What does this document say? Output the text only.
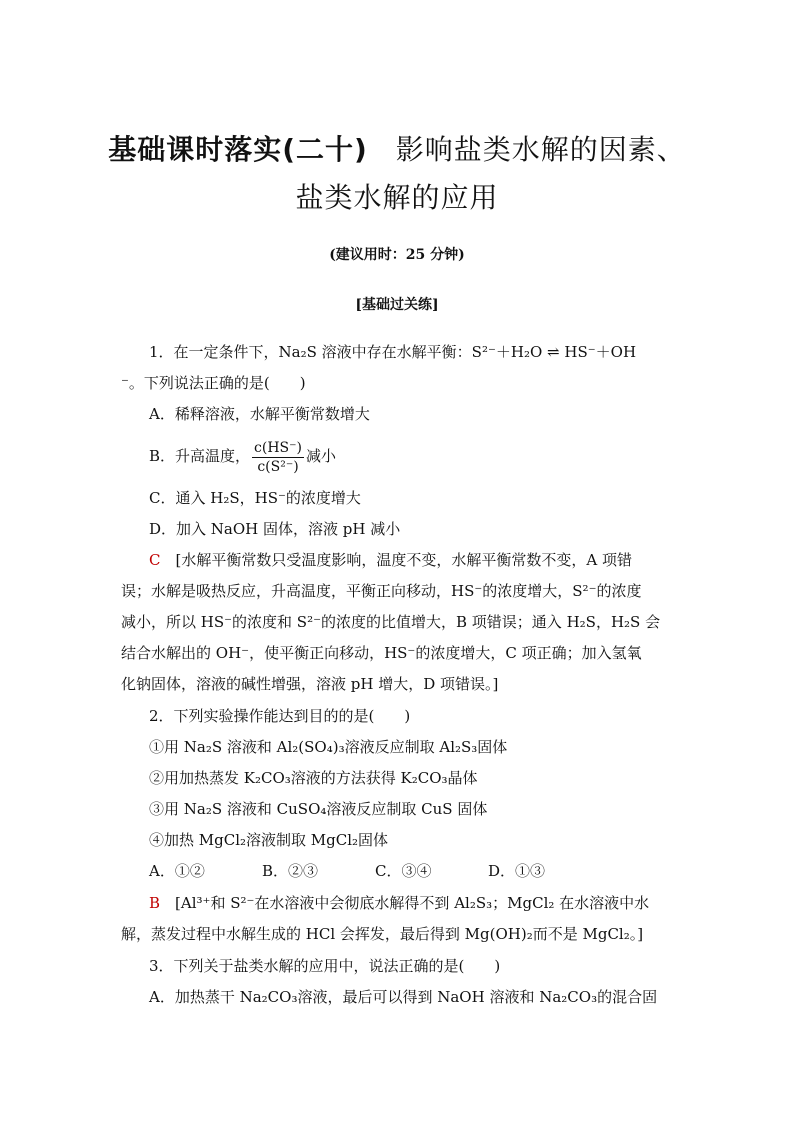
基础课时落实(二十) 影响盐类水解的因素、
盐类水解的应用
(建议用时：25 分钟)
[基础过关练]
1．在一定条件下，Na₂S 溶液中存在水解平衡：S²⁻＋H₂O ⇌ HS⁻＋OH
⁻。下列说法正确的是(　　)
A．稀释溶液，水解平衡常数增大
B．升高温度， $\frac{c(HS^-)}{\text{c(S²⁻)}}$ 减小
C．通入 H₂S，HS⁻的浓度增大
D．加入 NaOH 固体，溶液 pH 减小
C　 [水解平衡常数只受温度影响，温度不变，水解平衡常数不变，A 项错
误；水解是吸热反应，升高温度，平衡正向移动，HS⁻的浓度增大，S²⁻的浓度
减小，所以 HS⁻的浓度和 S²⁻的浓度的比值增大，B 项错误；通入 H₂S，H₂S 会
结合水解出的 OH⁻，使平衡正向移动，HS⁻的浓度增大，C 项正确；加入氢氧
化钠固体，溶液的碱性增强，溶液 pH 增大，D 项错误。]
2．下列实验操作能达到目的的是(　　)
①用 Na₂S 溶液和 Al₂(SO₄)₃溶液反应制取 Al₂S₃固体
②用加热蒸发 K₂CO₃溶液的方法获得 K₂CO₃晶体
③用 Na₂S 溶液和 CuSO₄溶液反应制取 CuS 固体
④加热 MgCl₂溶液制取 MgCl₂固体
A．①②	B．②③	C．③④	D．①③
B　 [Al³⁺和 S²⁻在水溶液中会彻底水解得不到 Al₂S₃；MgCl₂ 在水溶液中水
解，蒸发过程中水解生成的 HCl 会挥发，最后得到 Mg(OH)₂而不是 MgCl₂。]
3．下列关于盐类水解的应用中，说法正确的是(　　)
A．加热蒸干 Na₂CO₃溶液，最后可以得到 NaOH 溶液和 Na₂CO₃的混合固
